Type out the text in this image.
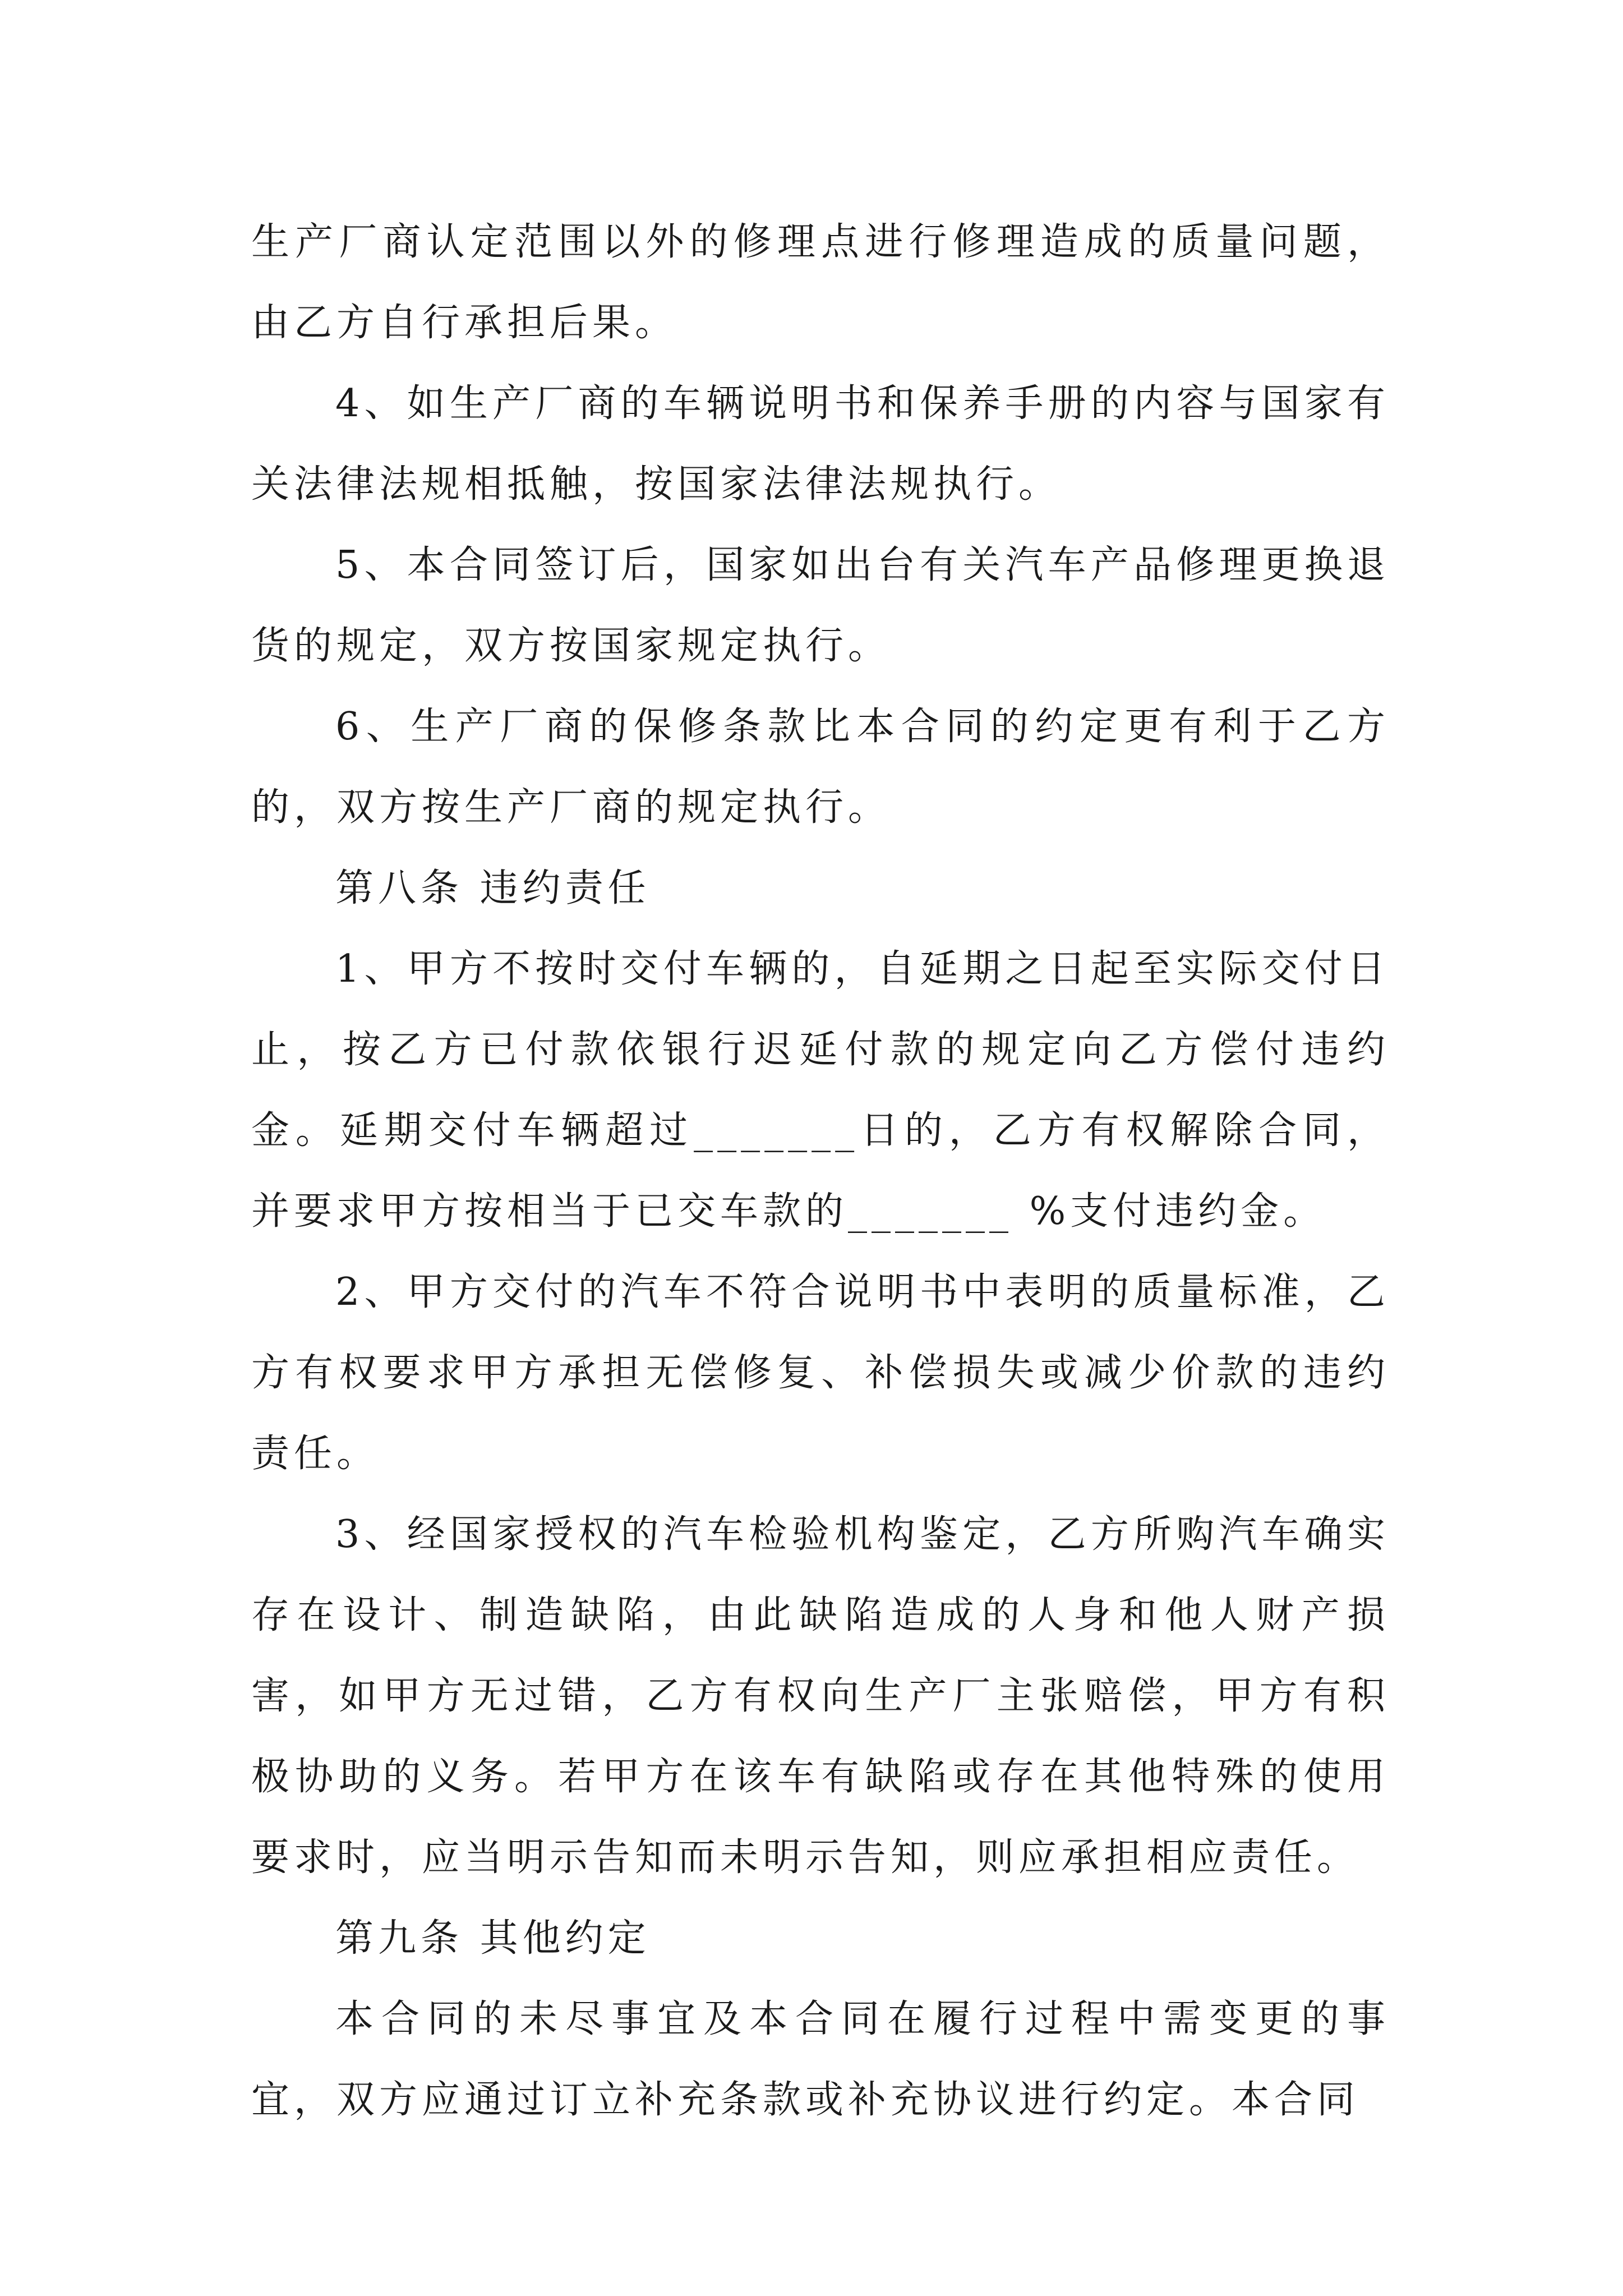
生产厂商认定范围以外的修理点进行修理造成的质量问题，由乙方自行承担后果。

4、如生产厂商的车辆说明书和保养手册的内容与国家有关法律法规相抵触，按国家法律法规执行。

5、本合同签订后，国家如出台有关汽车产品修理更换退货的规定，双方按国家规定执行。

6、生产厂商的保修条款比本合同的约定更有利于乙方的，双方按生产厂商的规定执行。

第八条 违约责任

1、甲方不按时交付车辆的，自延期之日起至实际交付日止，按乙方已付款依银行迟延付款的规定向乙方偿付违约金。延期交付车辆超过_______日的，乙方有权解除合同，并要求甲方按相当于已交车款的_______ %支付违约金。

2、甲方交付的汽车不符合说明书中表明的质量标准，乙方有权要求甲方承担无偿修复、补偿损失或减少价款的违约责任。

3、经国家授权的汽车检验机构鉴定，乙方所购汽车确实存在设计、制造缺陷，由此缺陷造成的人身和他人财产损害，如甲方无过错，乙方有权向生产厂主张赔偿，甲方有积极协助的义务。若甲方在该车有缺陷或存在其他特殊的使用要求时，应当明示告知而未明示告知，则应承担相应责任。

第九条 其他约定

本合同的未尽事宜及本合同在履行过程中需变更的事宜，双方应通过订立补充条款或补充协议进行约定。本合同
